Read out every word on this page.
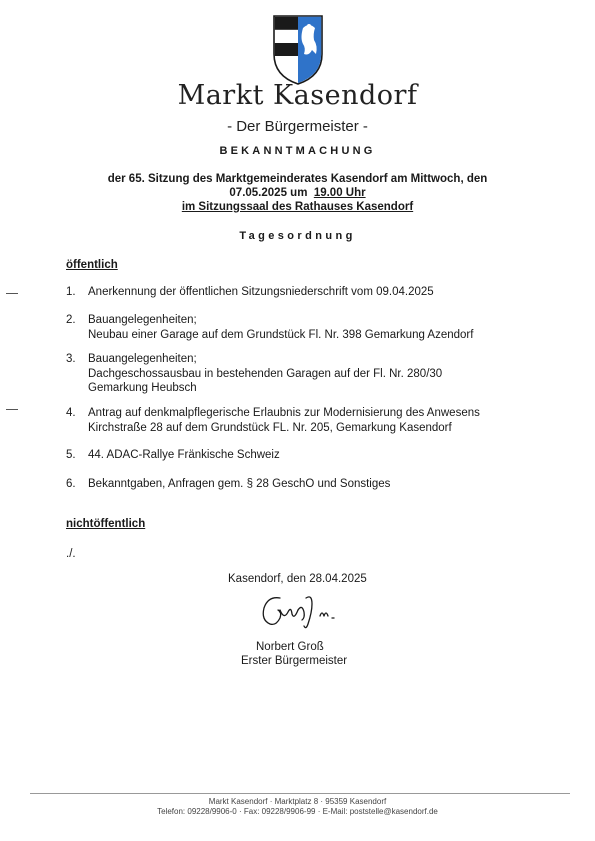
Markt Kasendorf
- Der Bürgermeister -
BEKANNTMACHUNG
der 65. Sitzung des Marktgemeinderates Kasendorf am Mittwoch, den
07.05.2025 um 19.00 Uhr
im Sitzungssaal des Rathauses Kasendorf
Tagesordnung
öffentlich
1.	Anerkennung der öffentlichen Sitzungsniederschrift vom 09.04.2025
2.	Bauangelegenheiten;
Neubau einer Garage auf dem Grundstück Fl. Nr. 398 Gemarkung Azendorf
3.	Bauangelegenheiten;
Dachgeschossausbau in bestehenden Garagen auf der Fl. Nr. 280/30
Gemarkung Heubsch
4.	Antrag auf denkmalpflegerische Erlaubnis zur Modernisierung des Anwesens
Kirchstraße 28 auf dem Grundstück FL. Nr. 205, Gemarkung Kasendorf
5.	44. ADAC-Rallye Fränkische Schweiz
6.	Bekanntgaben, Anfragen gem. § 28 GeschO und Sonstiges
nichtöffentlich
./.
Kasendorf, den 28.04.2025
Norbert Groß
Erster Bürgermeister
Markt Kasendorf · Marktplatz 8 · 95359 Kasendorf
Telefon: 09228/9906-0 · Fax: 09228/9906-99 · E-Mail: poststelle@kasendorf.de
